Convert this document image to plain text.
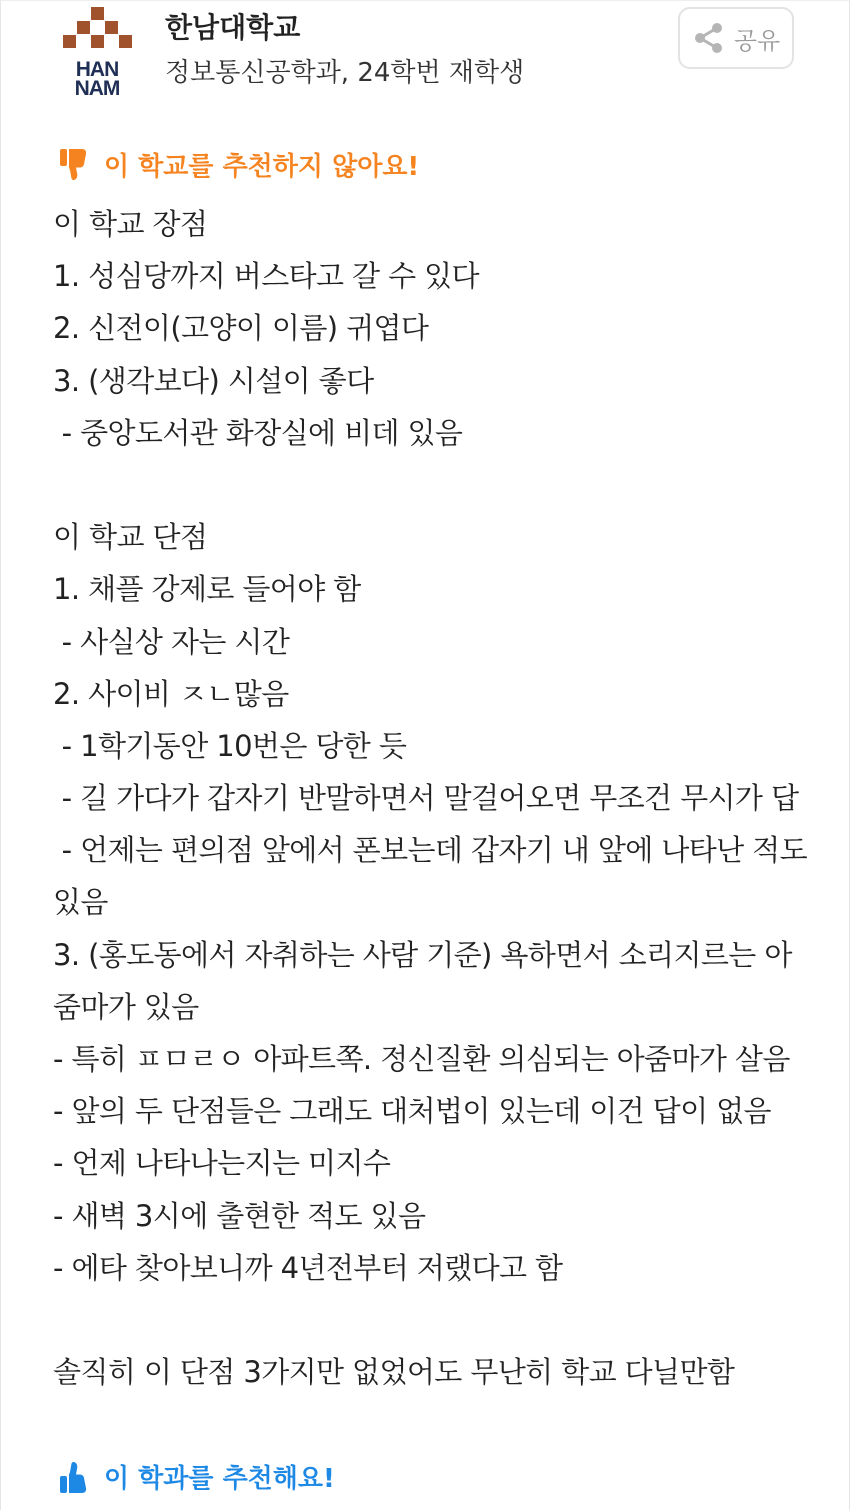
HAN
NAM
한남대학교
정보통신공학과, 24학번 재학생
공유
이 학교를 추천하지 않아요!
이 학교 장점
1. 성심당까지 버스타고 갈 수 있다
2. 신전이(고양이 이름) 귀엽다
3. (생각보다) 시설이 좋다
- 중앙도서관 화장실에 비데 있음
이 학교 단점
1. 채플 강제로 들어야 함
- 사실상 자는 시간
2. 사이비 ㅈㄴ많음
- 1학기동안 10번은 당한 듯
- 길 가다가 갑자기 반말하면서 말걸어오면 무조건 무시가 답
- 언제는 편의점 앞에서 폰보는데 갑자기 내 앞에 나타난 적도
있음
3. (홍도동에서 자취하는 사람 기준) 욕하면서 소리지르는 아
줌마가 있음
- 특히 ㅍㅁㄹㅇ 아파트쪽. 정신질환 의심되는 아줌마가 살음
- 앞의 두 단점들은 그래도 대처법이 있는데 이건 답이 없음
- 언제 나타나는지는 미지수
- 새벽 3시에 출현한 적도 있음
- 에타 찾아보니까 4년전부터 저랬다고 함
솔직히 이 단점 3가지만 없었어도 무난히 학교 다닐만함
이 학과를 추천해요!
